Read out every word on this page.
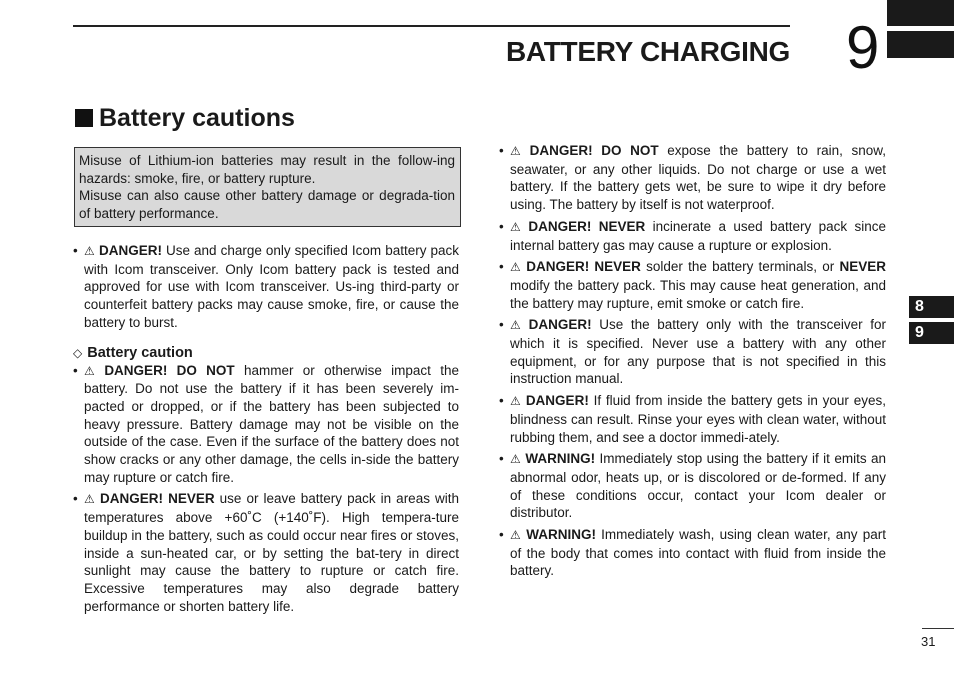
BATTERY CHARGING 9
Battery cautions

Misuse of Lithium-ion batteries may result in the follow-ing hazards: smoke, fire, or battery rupture.

Misuse can also cause other battery damage or degrada-tion of battery performance.

• ⚠ DANGER! Use and charge only specified Icom battery pack with Icom transceiver. Only Icom battery pack is tested and approved for use with Icom transceiver. Us-ing third-party or counterfeit battery packs may cause smoke, fire, or cause the battery to burst.
◇ Battery caution
• ⚠ DANGER! DO NOT hammer or otherwise impact the battery. Do not use the battery if it has been severely im-pacted or dropped, or if the battery has been subjected to heavy pressure. Battery damage may not be visible on the outside of the case. Even if the surface of the battery does not show cracks or any other damage, the cells in-side the battery may rupture or catch fire.
• ⚠ DANGER! NEVER use or leave battery pack in areas with temperatures above +60˚C (+140˚F). High tempera-ture buildup in the battery, such as could occur near fires or stoves, inside a sun-heated car, or by setting the bat-tery in direct sunlight may cause the battery to rupture or catch fire. Excessive temperatures may also degrade battery performance or shorten battery life.
• ⚠ DANGER! DO NOT expose the battery to rain, snow, seawater, or any other liquids. Do not charge or use a wet battery. If the battery gets wet, be sure to wipe it dry before using. The battery by itself is not waterproof.
• ⚠ DANGER! NEVER incinerate a used battery pack since internal battery gas may cause a rupture or explosion.
• ⚠ DANGER! NEVER solder the battery terminals, or NEVER modify the battery pack. This may cause heat generation, and the battery may rupture, emit smoke or catch fire.
• ⚠ DANGER! Use the battery only with the transceiver for which it is specified. Never use a battery with any other equipment, or for any purpose that is not specified in this instruction manual.
• ⚠ DANGER! If fluid from inside the battery gets in your eyes, blindness can result. Rinse your eyes with clean water, without rubbing them, and see a doctor immedi-ately.
• ⚠ WARNING! Immediately stop using the battery if it emits an abnormal odor, heats up, or is discolored or de-formed. If any of these conditions occur, contact your Icom dealer or distributor.
• ⚠ WARNING! Immediately wash, using clean water, any part of the body that comes into contact with fluid from inside the battery.
8
9
31
